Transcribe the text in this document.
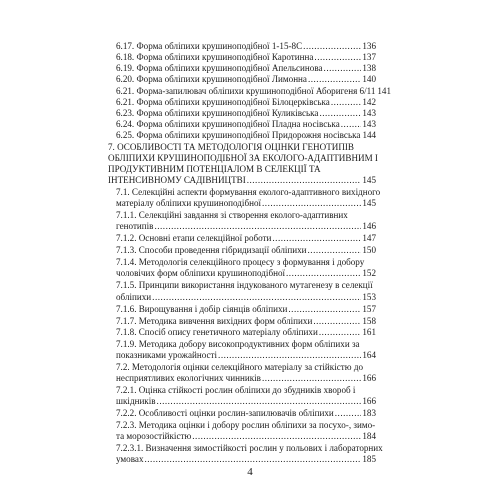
6.17. Форма обліпихи крушиноподібної 1-15-8С .....	136
6.18. Форма обліпихи крушиноподібної Каротинна .....	137
6.19. Форма обліпихи крушиноподібної Апельсинова .....	138
6.20. Форма обліпихи крушиноподібної Лимонна .....	140
6.21. Форма-запилювач обліпихи крушиноподібної Аборигеня 6/11 141
6.21. Форма обліпихи крушиноподібної Білоцерківська .....	142
6.23. Форма обліпихи крушиноподібної Куликівська .....	143
6.24. Форма обліпихи крушиноподібної Пладна носівська ..... 143
6.25. Форма обліпихи крушиноподібної Придорожня носівська 144
7. ОСОБЛИВОСТІ ТА МЕТОДОЛОГІЯ ОЦІНКИ ГЕНОТИПІВ
ОБЛІПИХИ КРУШИНОПОДІБНОЇ ЗА ЕКОЛОГО-АДАПТИВНИМ І
ПРОДУКТИВНИМ ПОТЕНЦІАЛОМ В СЕЛЕКЦІЇ ТА
ІНТЕНСИВНОМУ САДІВНИЦТВІ .....	145
7.1. Селекційні аспекти формування еколого-адаптивного вихідного
матеріалу обліпихи крушиноподібної .....	145
7.1.1. Селекційні завдання зі створення еколого-адаптивних
генотипів .....	146
7.1.2. Основні етапи селекційної роботи .....	147
7.1.3. Способи проведення гібридизації обліпихи .....	150
7.1.4. Методологія селекційного процесу з формування і добору
чоловічих форм обліпихи крушиноподібної .....	152
7.1.5. Принципи використання індукованого мутагенезу в селекції
обліпихи .....	153
7.1.6. Вирощування і добір сіянців обліпихи .....	157
7.1.7. Методика вивчення вихідних форм обліпихи .....	158
7.1.8. Спосіб опису генетичного матеріалу обліпихи .....	161
7.1.9. Методика добору високопродуктивних форм обліпихи за
показниками урожайності .....	164
7.2. Методологія оцінки селекційного матеріалу за стійкістю до
несприятливих екологічних чинників .....	166
7.2.1. Оцінка стійкості рослин обліпихи до збудників хвороб і
шкідників .....	166
7.2.2. Особливості оцінки рослин-запилювачів обліпихи .....	183
7.2.3. Методика оцінки і добору рослин обліпихи за посухо-, зимо-
та морозостійкістю .....	184
7.2.3.1. Визначення зимостійкості рослин у польових і лабораторних
умовах .....	185
4
